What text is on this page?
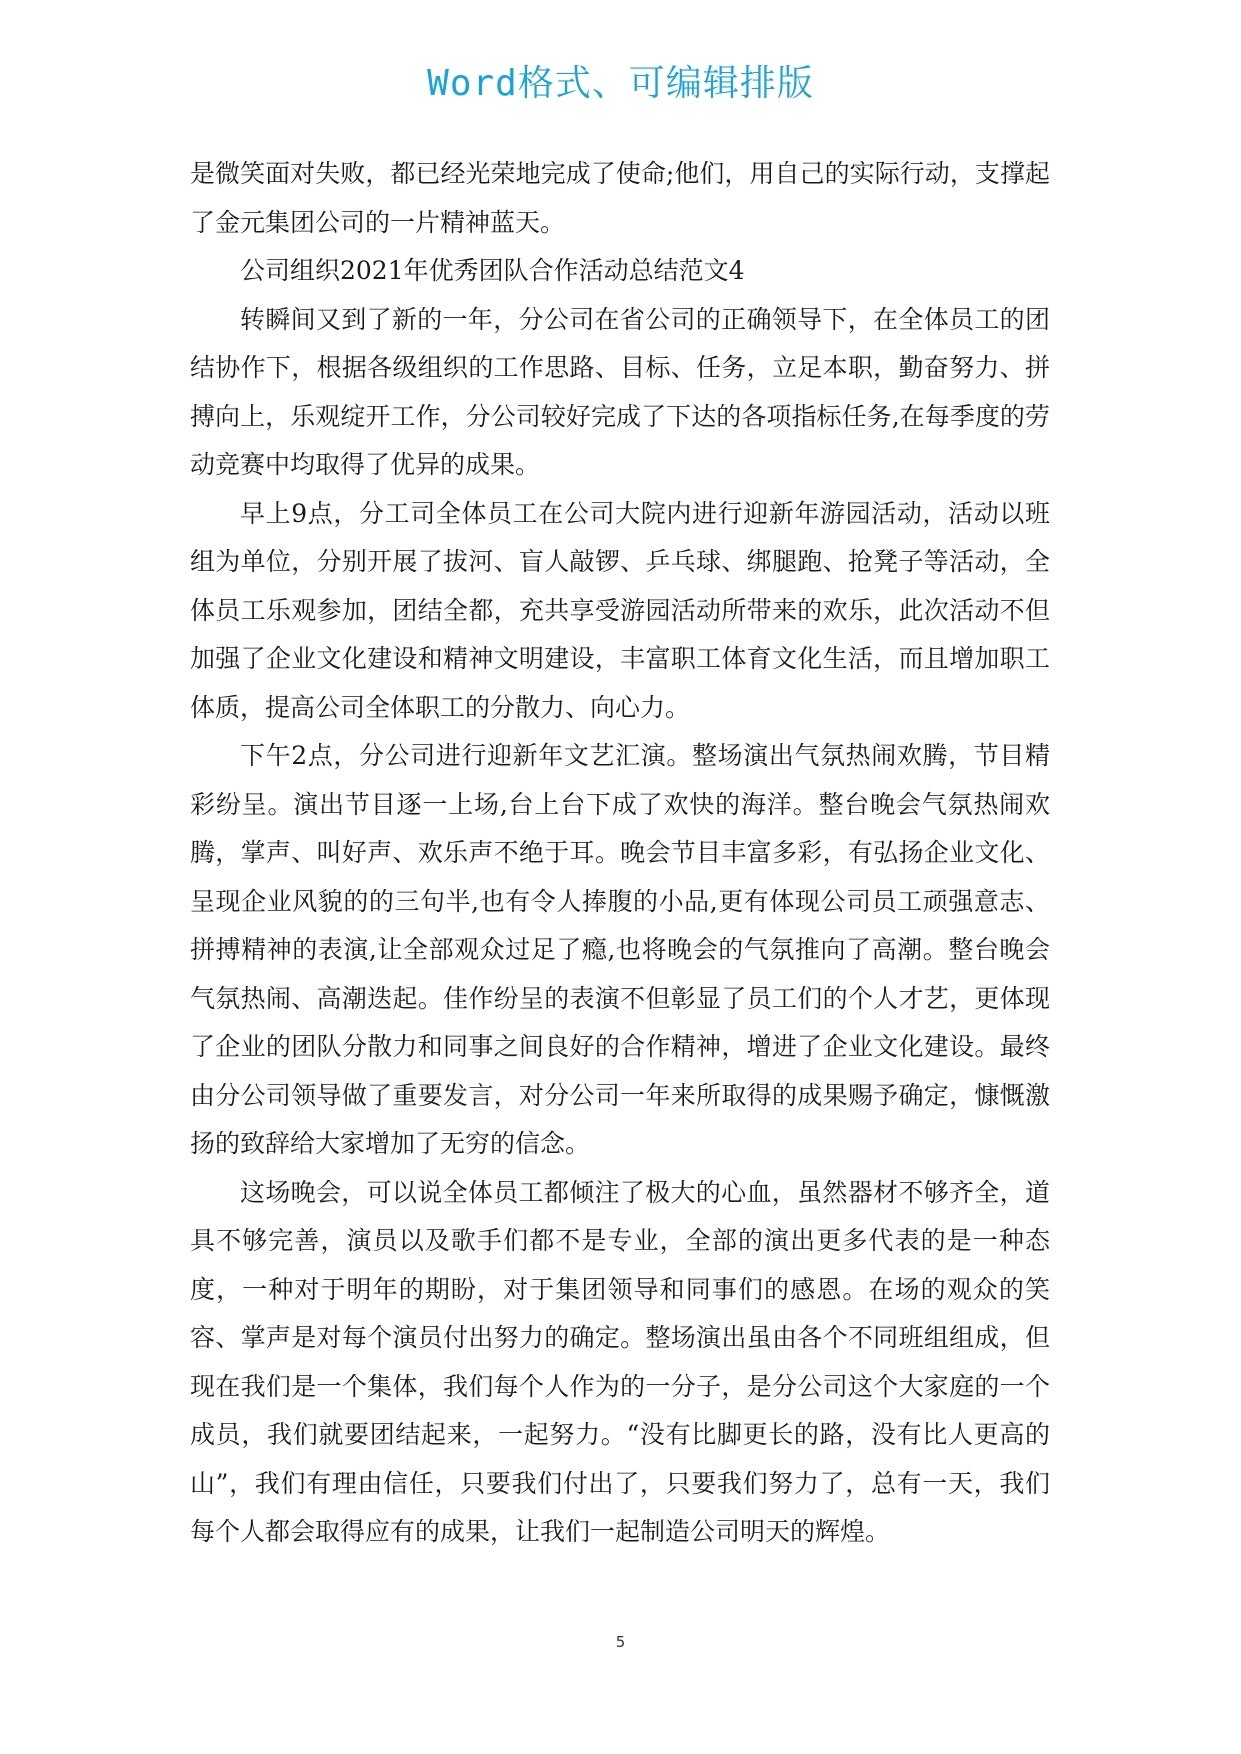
Word格式、可编辑排版

是微笑面对失败，都已经光荣地完成了使命;他们，用自己的实际行动，支撑起了金元集团公司的一片精神蓝天。

公司组织2021年优秀团队合作活动总结范文4

转瞬间又到了新的一年，分公司在省公司的正确领导下，在全体员工的团结协作下，根据各级组织的工作思路、目标、任务，立足本职，勤奋努力、拼搏向上，乐观绽开工作，分公司较好完成了下达的各项指标任务,在每季度的劳动竞赛中均取得了优异的成果。

早上9点，分工司全体员工在公司大院内进行迎新年游园活动，活动以班组为单位，分别开展了拔河、盲人敲锣、乒乓球、绑腿跑、抢凳子等活动，全体员工乐观参加，团结全都，充共享受游园活动所带来的欢乐，此次活动不但加强了企业文化建设和精神文明建设，丰富职工体育文化生活，而且增加职工体质，提高公司全体职工的分散力、向心力。

下午2点，分公司进行迎新年文艺汇演。整场演出气氛热闹欢腾，节目精彩纷呈。演出节目逐一上场,台上台下成了欢快的海洋。整台晚会气氛热闹欢腾，掌声、叫好声、欢乐声不绝于耳。晚会节目丰富多彩，有弘扬企业文化、呈现企业风貌的的三句半,也有令人捧腹的小品,更有体现公司员工顽强意志、拼搏精神的表演,让全部观众过足了瘾,也将晚会的气氛推向了高潮。整台晚会气氛热闹、高潮迭起。佳作纷呈的表演不但彰显了员工们的个人才艺，更体现了企业的团队分散力和同事之间良好的合作精神，增进了企业文化建设。最终由分公司领导做了重要发言，对分公司一年来所取得的成果赐予确定，慷慨激扬的致辞给大家增加了无穷的信念。

这场晚会，可以说全体员工都倾注了极大的心血，虽然器材不够齐全，道具不够完善，演员以及歌手们都不是专业，全部的演出更多代表的是一种态度，一种对于明年的期盼，对于集团领导和同事们的感恩。在场的观众的笑容、掌声是对每个演员付出努力的确定。整场演出虽由各个不同班组组成，但现在我们是一个集体，我们每个人作为的一分子，是分公司这个大家庭的一个成员，我们就要团结起来，一起努力。“没有比脚更长的路，没有比人更高的山”，我们有理由信任，只要我们付出了，只要我们努力了，总有一天，我们每个人都会取得应有的成果，让我们一起制造公司明天的辉煌。

5
